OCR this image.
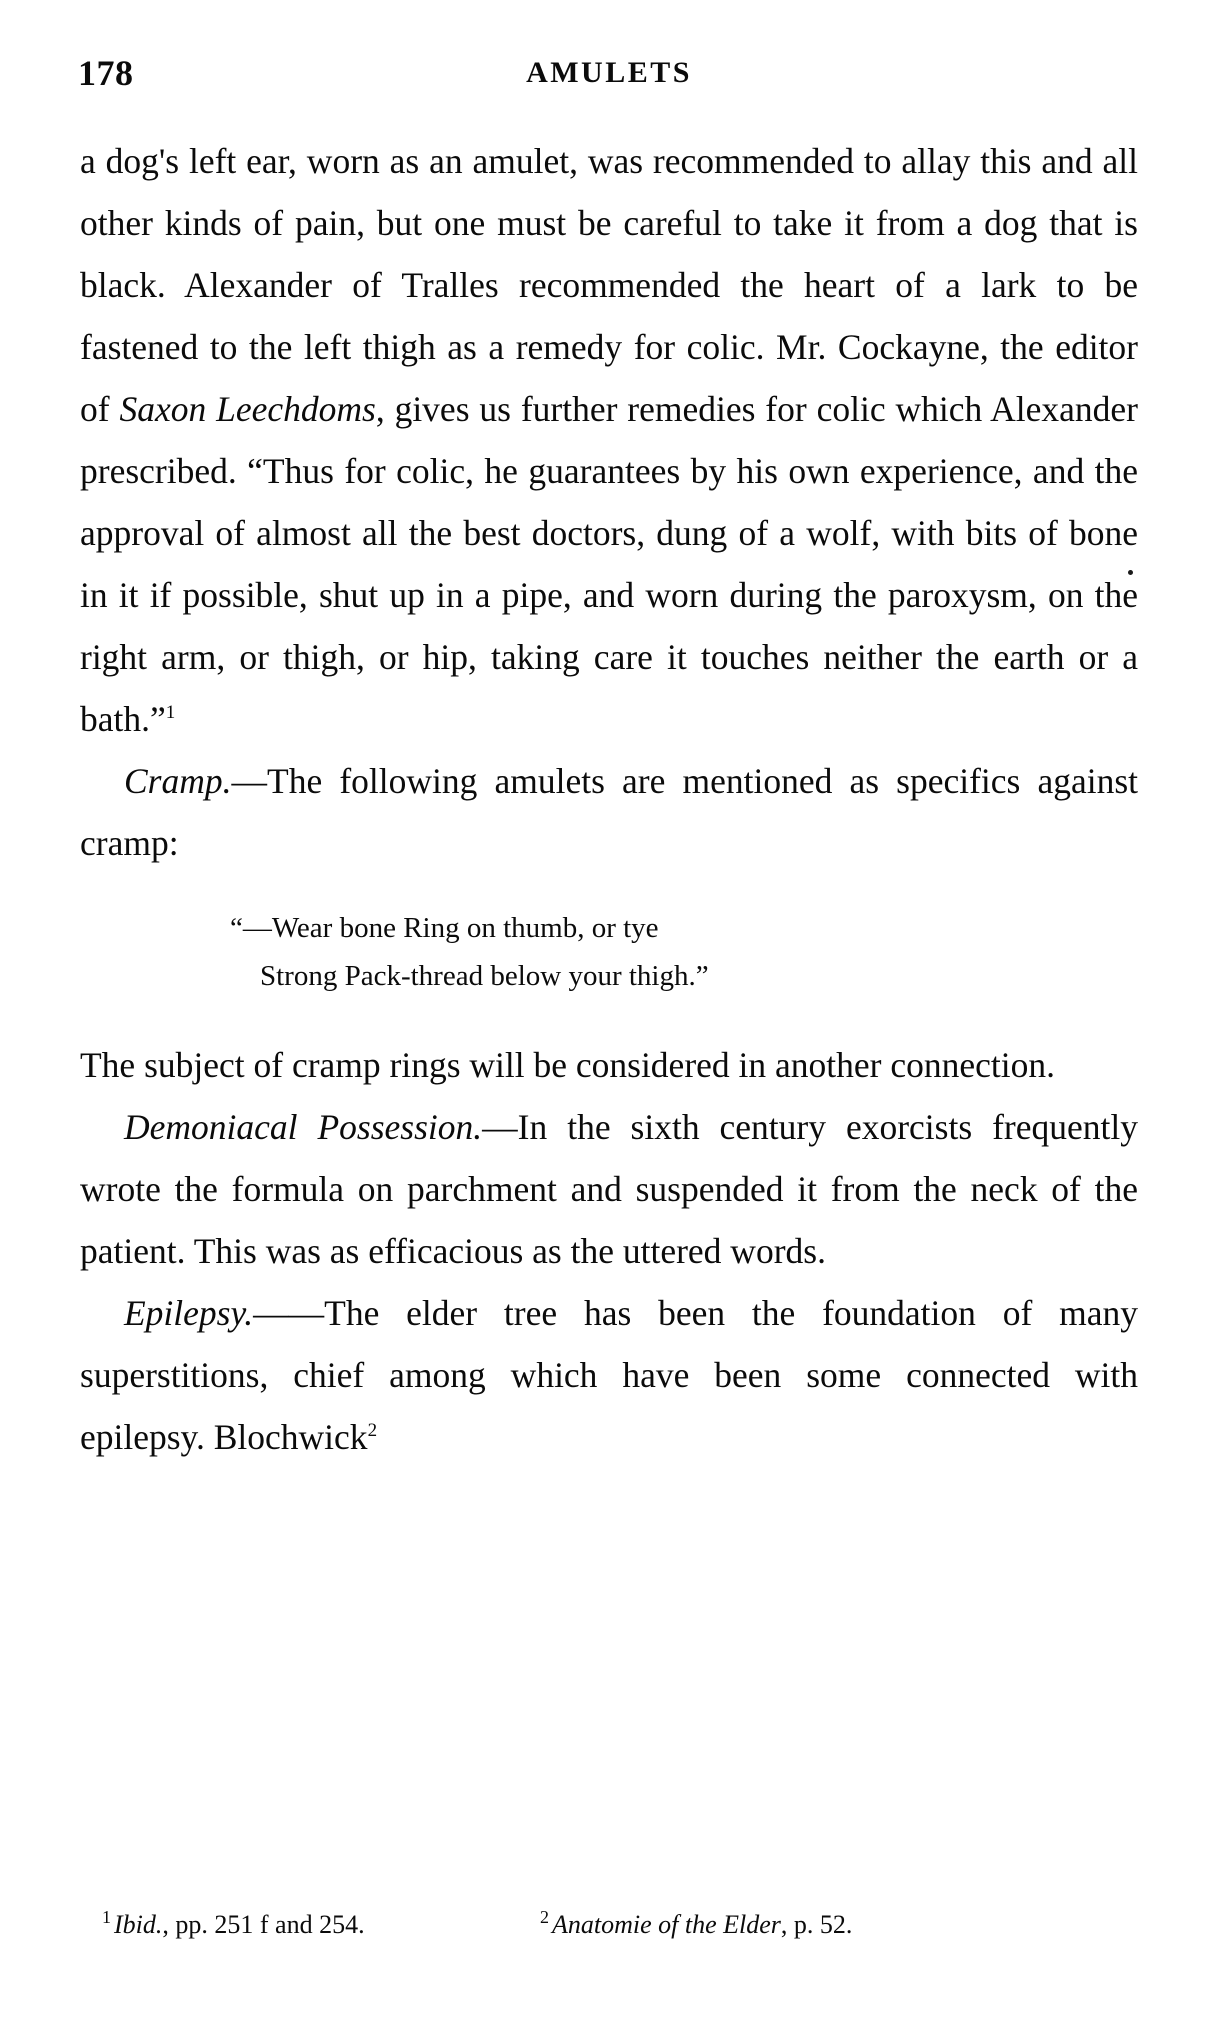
178	AMULETS

a dog's left ear, worn as an amulet, was recommended to allay this and all other kinds of pain, but one must be careful to take it from a dog that is black. Alexander of Tralles recommended the heart of a lark to be fastened to the left thigh as a remedy for colic. Mr. Cockayne, the editor of Saxon Leechdoms, gives us further remedies for colic which Alexander prescribed. “Thus for colic, he guarantees by his own experience, and the approval of almost all the best doctors, dung of a wolf, with bits of bone in it if possible, shut up in a pipe, and worn during the paroxysm, on the right arm, or thigh, or hip, taking care it touches neither the earth or a bath.”$^1$

Cramp.—The following amulets are mentioned as specifics against cramp:

“—Wear bone Ring on thumb, or tye
Strong Pack-thread below your thigh.”

The subject of cramp rings will be considered in another connection.

Demoniacal Possession.—In the sixth century exorcists frequently wrote the formula on parchment and suspended it from the neck of the patient. This was as efficacious as the uttered words.

Epilepsy.——The elder tree has been the foundation of many superstitions, chief among which have been some connected with epilepsy. Blochwick$^2$

$^1$ Ibid., pp. 251 f and 254.	$^2$ Anatomie of the Elder, p. 52.
